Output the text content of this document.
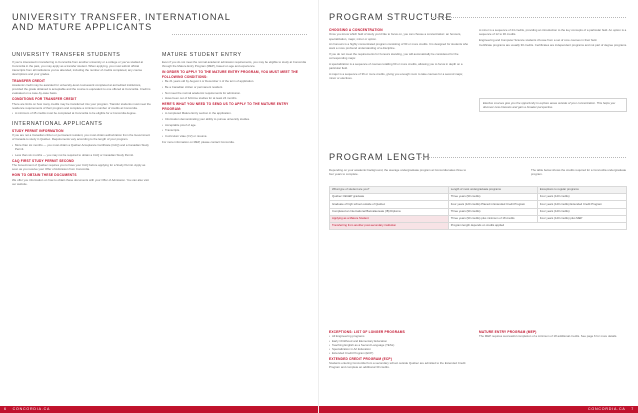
UNIVERSITY TRANSFER, INTERNATIONAL
AND MATURE APPLICANTS
UNIVERSITY TRANSFER STUDENTS
If you're interested in transferring to Concordia from another university or a college or you've studied at Concordia in the past, you may apply as a transfer student. When applying, you must submit official transcripts from all institutions you've attended, including the number of credits completed, any course descriptions and your grades.
TRANSFER CREDIT
Academic credit may be awarded for university-level coursework completed at accredited institutions, provided the grade obtained is acceptable and the course is equivalent to one offered at Concordia. Credit is evaluated on a case-by-case basis.
CONDITIONS FOR TRANSFER CREDIT
There are limits on how many credits may be transferred into your program. Transfer students must meet the residence requirements of their program and complete a minimum number of credits at Concordia.
• A minimum of 45 credits must be completed at Concordia to be eligible for a Concordia degree.
INTERNATIONAL APPLICANTS
STUDY PERMIT INFORMATION
If you are not a Canadian citizen or permanent resident, you must obtain authorization from the Government of Canada to study in Québec. Requirements vary according to the length of your program.
• More than six months — you must obtain a Québec Acceptance Certificate (CAQ) and a Canadian Study Permit.
• Less than six months — you may not be required to obtain a CAQ or Canadian Study Permit.
CAQ FIRST STUDY PERMIT SECOND
The Government of Québec requires you to have your CAQ before applying for a Study Permit. Apply as soon as you receive your Offer of Admission from Concordia.
HOW TO OBTAIN THESE DOCUMENTS
We offer you information on how to obtain these documents with your Offer of Admission. You can also visit our website.
MATURE STUDENT ENTRY
Even if you do not meet the normal academic admission requirements, you may be eligible to study at Concordia through the Mature Entry Program (MEP), based on age and experience.
IN ORDER TO APPLY TO THE MATURE ENTRY PROGRAM, YOU MUST MEET THE FOLLOWING CONDITIONS:
• Be 21 years old by August 1 or December 1 of the term of application.
• Be a Canadian citizen or permanent resident.
• Not meet the normal academic requirements for admission.
• Have been out of full-time studies for at least 24 months.
HERE'S WHAT YOU NEED TO SEND US TO APPLY TO THE MATURE ENTRY PROGRAM:
• A completed Mature Entry section in the application.
• Information demonstrating your ability to pursue university studies.
• Acceptable proof of age.
• Transcripts.
• Curriculum vitae (CV) or résumé.
For more information on MEP, please contact Concordia.
6 CONCORDIA.CA
PROGRAM STRUCTURE
CHOOSING A CONCENTRATION
Once you know which field of study you'd like to focus on, you can choose a concentration: an honours, specialization, major, minor or option.
An honours is a highly concentrated program consisting of 60 or more credits. It is designed for students who want a more profound understanding of a discipline.
If you do not meet the requirements for honours standing, you will automatically be considered for the corresponding major.
A specialization is a sequence of courses totalling 60 or more credits, allowing you to focus in depth on a particular field.
A major is a sequence of 36 or more credits, giving you enough room to take courses for a second major, minor or electives.
A minor is a sequence of 24 credits, providing an introduction to the key concepts of a particular field. An option is a sequence of 12 to 30 credits.
Engineering and Computer Science students choose from a set of core courses in their field.
Certificate programs are usually 30 credits. Certificates are independent programs and not part of degree programs.
Elective courses give you the opportunity to explore areas outside of your concentration. This helps you discover new interests and gain a broader perspective.
PROGRAM LENGTH
Depending on your academic background, the average undergraduate program at Concordia takes three to four years to complete.
The table below shows the credits required for a Concordia undergraduate program.
What type of student are you?	Length of most undergraduate programs	Exceptions to regular programs
Québec CEGEP graduate	Three years (90 credits)	Four years (120 credits)
Graduate of high school outside of Québec	Four years (120 credits) Placed in Extended Credit Program	Four years (120 credits) Extended Credit Program
Completed an International Baccalaureate (IB) Diploma	Three years (90 credits)	Four years (120 credits)
Applying as a Mature Student	Three years (90 credits) plus minimum of 18 credits	Four years (120 credits) plus MEP
Transferring from another post-secondary institution	Program length depends on credits applied	
EXCEPTIONS: LIST OF LONGER PROGRAMS
• All Engineering programs
• Early Childhood and Elementary Education
• Teaching English as a Second Language (TESL)
• Specialization in Art Education
• Extended Credit Program (ECP)
EXTENDED CREDIT PROGRAM (ECP)
Students entering Concordia from a secondary school outside Québec are admitted to the Extended Credit Program and complete an additional 30 credits.
MATURE ENTRY PROGRAM (MEP)
The MEP requires successful completion of a minimum of 18 additional credits. See page 6 for more details.
CONCORDIA.CA 7
